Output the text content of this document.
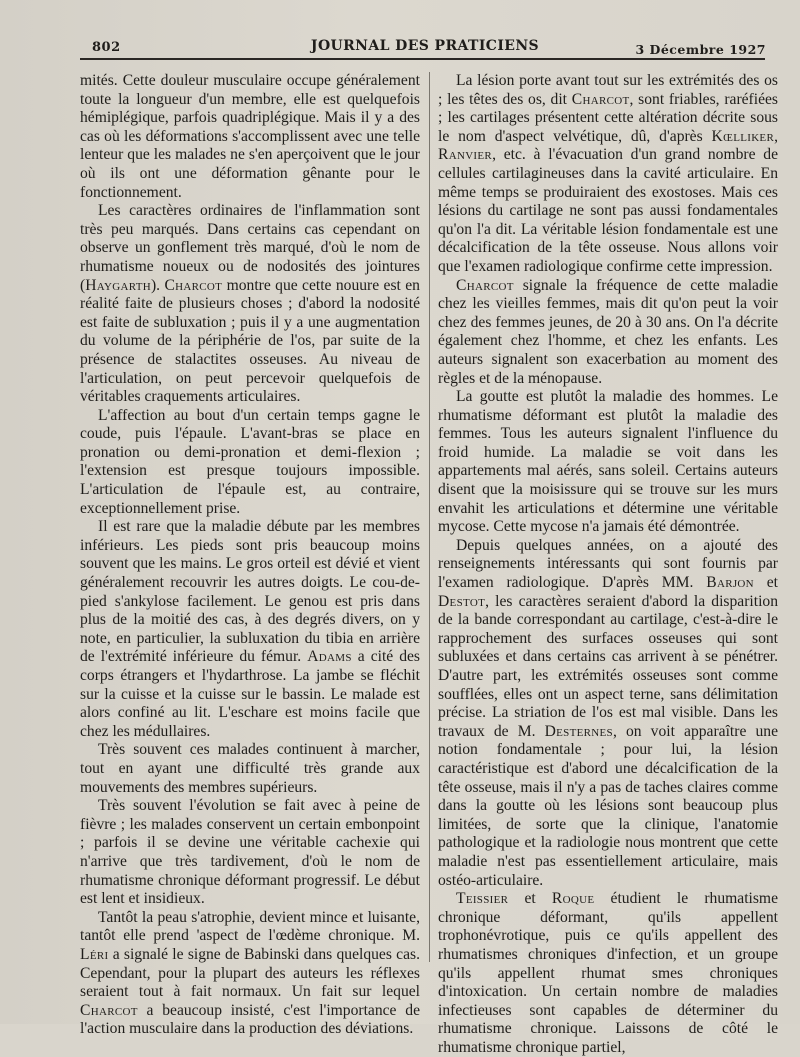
802	JOURNAL DES PRATICIENS	3 Décembre 1927

mités. Cette douleur musculaire occupe généralement toute la longueur d'un membre, elle est quelquefois hémiplégique, parfois quadriplégique. Mais il y a des cas où les déformations s'accomplissent avec une telle lenteur que les malades ne s'en aperçoivent que le jour où ils ont une déformation gênante pour le fonctionnement.

Les caractères ordinaires de l'inflammation sont très peu marqués. Dans certains cas cependant on observe un gonflement très marqué, d'où le nom de rhumatisme noueux ou de nodosités des jointures (Haygarth). Charcot montre que cette nouure est en réalité faite de plusieurs choses ; d'abord la nodosité est faite de subluxation ; puis il y a une augmentation du volume de la périphérie de l'os, par suite de la présence de stalactites osseuses. Au niveau de l'articulation, on peut percevoir quelquefois de véritables craquements articulaires.

L'affection au bout d'un certain temps gagne le coude, puis l'épaule. L'avant-bras se place en pronation ou demi-pronation et demi-flexion ; l'extension est presque toujours impossible. L'articulation de l'épaule est, au contraire, exceptionnellement prise.

Il est rare que la maladie débute par les membres inférieurs. Les pieds sont pris beaucoup moins souvent que les mains. Le gros orteil est dévié et vient généralement recouvrir les autres doigts. Le cou-de-pied s'ankylose facilement. Le genou est pris dans plus de la moitié des cas, à des degrés divers, on y note, en particulier, la subluxation du tibia en arrière de l'extrémité inférieure du fémur. Adams a cité des corps étrangers et l'hydarthrose. La jambe se fléchit sur la cuisse et la cuisse sur le bassin. Le malade est alors confiné au lit. L'eschare est moins facile que chez les médullaires.

Très souvent ces malades continuent à marcher, tout en ayant une difficulté très grande aux mouvements des membres supérieurs.

Très souvent l'évolution se fait avec à peine de fièvre ; les malades conservent un certain embonpoint ; parfois il se devine une véritable cachexie qui n'arrive que très tardivement, d'où le nom de rhumatisme chronique déformant progressif. Le début est lent et insidieux.

Tantôt la peau s'atrophie, devient mince et luisante, tantôt elle prend 'aspect de l'œdème chronique. M. Léri a signalé le signe de Babinski dans quelques cas. Cependant, pour la plupart des auteurs les réflexes seraient tout à fait normaux. Un fait sur lequel Charcot a beaucoup insisté, c'est l'importance de l'action musculaire dans la production des déviations.

La lésion porte avant tout sur les extrémités des os ; les têtes des os, dit Charcot, sont friables, raréfiées ; les cartilages présentent cette altération décrite sous le nom d'aspect velvétique, dû, d'après Kœlliker, Ranvier, etc. à l'évacuation d'un grand nombre de cellules cartilagineuses dans la cavité articulaire. En même temps se produiraient des exostoses. Mais ces lésions du cartilage ne sont pas aussi fondamentales qu'on l'a dit. La véritable lésion fondamentale est une décalcification de la tête osseuse. Nous allons voir que l'examen radiologique confirme cette impression.

Charcot signale la fréquence de cette maladie chez les vieilles femmes, mais dit qu'on peut la voir chez des femmes jeunes, de 20 à 30 ans. On l'a décrite également chez l'homme, et chez les enfants. Les auteurs signalent son exacerbation au moment des règles et de la ménopause.

La goutte est plutôt la maladie des hommes. Le rhumatisme déformant est plutôt la maladie des femmes. Tous les auteurs signalent l'influence du froid humide. La maladie se voit dans les appartements mal aérés, sans soleil. Certains auteurs disent que la moisissure qui se trouve sur les murs envahit les articulations et détermine une véritable mycose. Cette mycose n'a jamais été démontrée.

Depuis quelques années, on a ajouté des renseignements intéressants qui sont fournis par l'examen radiologique. D'après MM. Barjon et Destot, les caractères seraient d'abord la disparition de la bande correspondant au cartilage, c'est-à-dire le rapprochement des surfaces osseuses qui sont subluxées et dans certains cas arrivent à se pénétrer. D'autre part, les extrémités osseuses sont comme soufflées, elles ont un aspect terne, sans délimitation précise. La striation de l'os est mal visible. Dans les travaux de M. Desternes, on voit apparaître une notion fondamentale ; pour lui, la lésion caractéristique est d'abord une décalcification de la tête osseuse, mais il n'y a pas de taches claires comme dans la goutte où les lésions sont beaucoup plus limitées, de sorte que la clinique, l'anatomie pathologique et la radiologie nous montrent que cette maladie n'est pas essentiellement articulaire, mais ostéo-articulaire.

Teissier et Roque étudient le rhumatisme chronique déformant, qu'ils appellent trophonévrotique, puis ce qu'ils appellent des rhumatismes chroniques d'infection, et un groupe qu'ils appellent rhumat smes chroniques d'intoxication. Un certain nombre de maladies infectieuses sont capables de déterminer du rhumatisme chronique. Laissons de côté le rhumatisme chronique partiel,
